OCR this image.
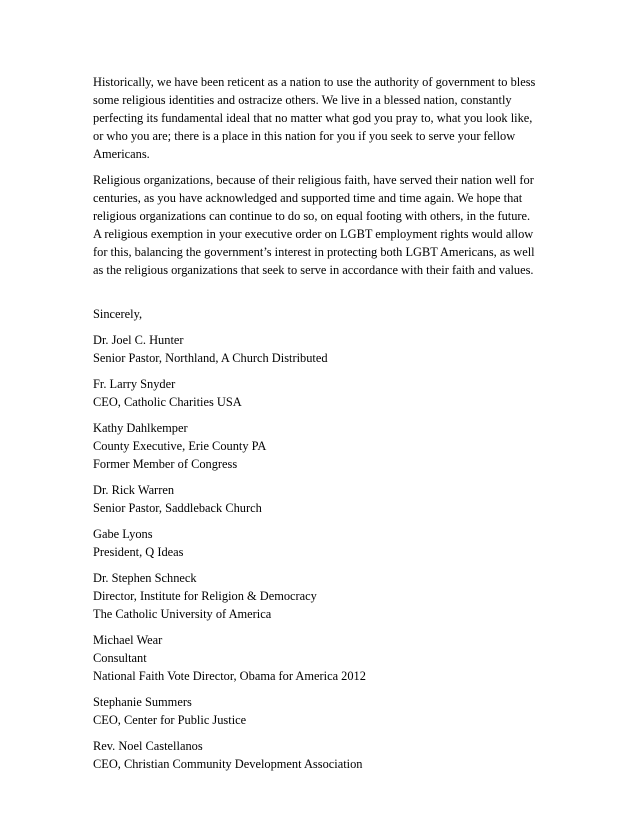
Historically, we have been reticent as a nation to use the authority of government to bless
some religious identities and ostracize others. We live in a blessed nation, constantly
perfecting its fundamental ideal that no matter what god you pray to, what you look like,
or who you are; there is a place in this nation for you if you seek to serve your fellow
Americans.

Religious organizations, because of their religious faith, have served their nation well for
centuries, as you have acknowledged and supported time and time again. We hope that
religious organizations can continue to do so, on equal footing with others, in the future.
A religious exemption in your executive order on LGBT employment rights would allow
for this, balancing the government’s interest in protecting both LGBT Americans, as well
as the religious organizations that seek to serve in accordance with their faith and values.

Sincerely,

Dr. Joel C. Hunter
Senior Pastor, Northland, A Church Distributed
Fr. Larry Snyder
CEO, Catholic Charities USA
Kathy Dahlkemper
County Executive, Erie County PA
Former Member of Congress
Dr. Rick Warren
Senior Pastor, Saddleback Church
Gabe Lyons
President, Q Ideas
Dr. Stephen Schneck
Director, Institute for Religion & Democracy
The Catholic University of America
Michael Wear
Consultant
National Faith Vote Director, Obama for America 2012
Stephanie Summers
CEO, Center for Public Justice
Rev. Noel Castellanos
CEO, Christian Community Development Association
